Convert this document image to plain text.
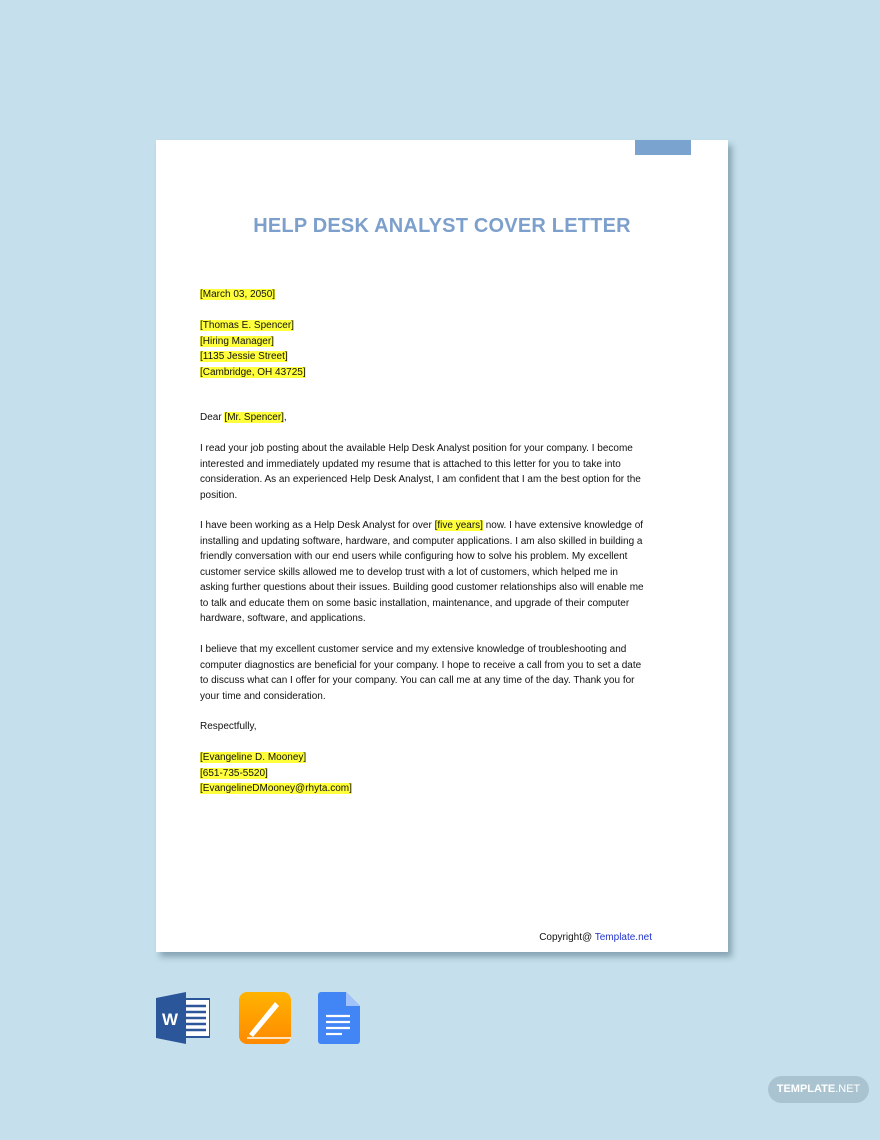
HELP DESK ANALYST COVER LETTER
[March 03, 2050]
[Thomas E. Spencer]
[Hiring Manager]
[1135 Jessie Street]
[Cambridge, OH 43725]
Dear [Mr. Spencer],
I read your job posting about the available Help Desk Analyst position for your company. I become
interested and immediately updated my resume that is attached to this letter for you to take into
consideration. As an experienced Help Desk Analyst, I am confident that I am the best option for the
position.
I have been working as a Help Desk Analyst for over [five years] now. I have extensive knowledge of
installing and updating software, hardware, and computer applications. I am also skilled in building a
friendly conversation with our end users while configuring how to solve his problem. My excellent
customer service skills allowed me to develop trust with a lot of customers, which helped me in
asking further questions about their issues. Building good customer relationships also will enable me
to talk and educate them on some basic installation, maintenance, and upgrade of their computer
hardware, software, and applications.
I believe that my excellent customer service and my extensive knowledge of troubleshooting and
computer diagnostics are beneficial for your company. I hope to receive a call from you to set a date
to discuss what can I offer for your company. You can call me at any time of the day. Thank you for
your time and consideration.
Respectfully,
[Evangeline D. Mooney]
[651-735-5520]
[EvangelineDMooney@rhyta.com]
Copyright@ Template.net
W
TEMPLATE.NET
